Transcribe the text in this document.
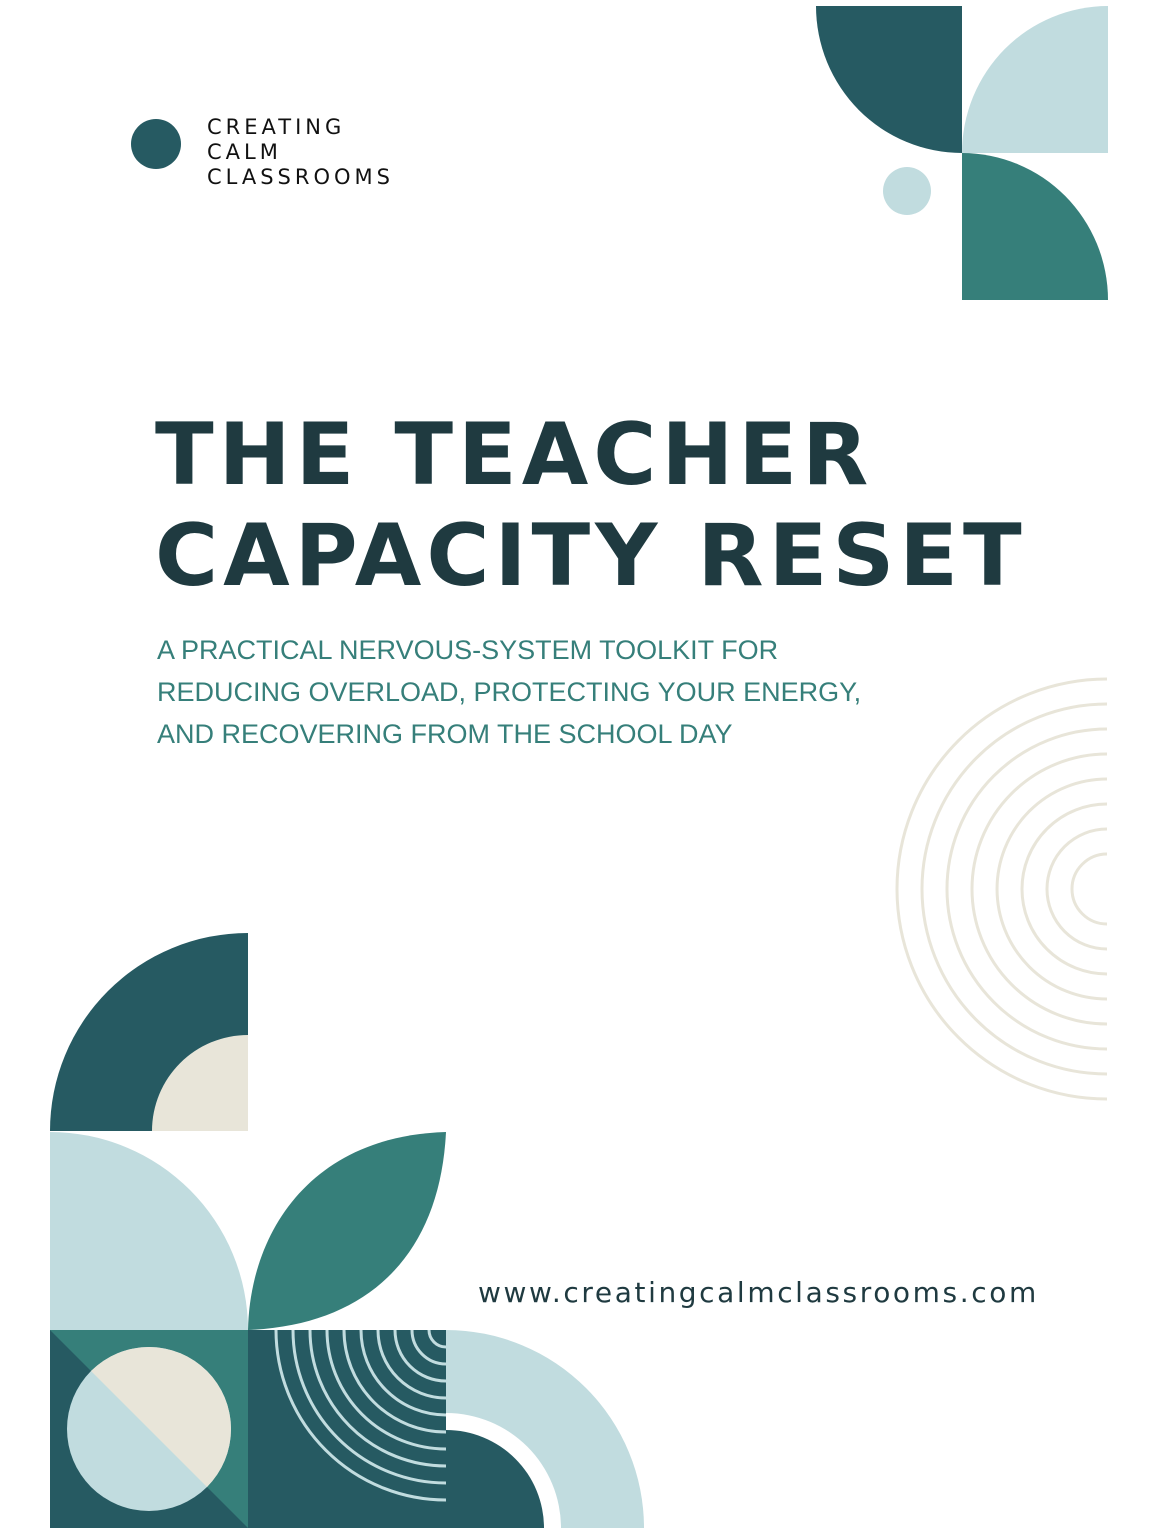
CREATING
CALM
CLASSROOMS
THE TEACHER
CAPACITY RESET

A PRACTICAL NERVOUS-SYSTEM TOOLKIT FOR
REDUCING OVERLOAD, PROTECTING YOUR ENERGY,
AND RECOVERING FROM THE SCHOOL DAY

www.creatingcalmclassrooms.com
